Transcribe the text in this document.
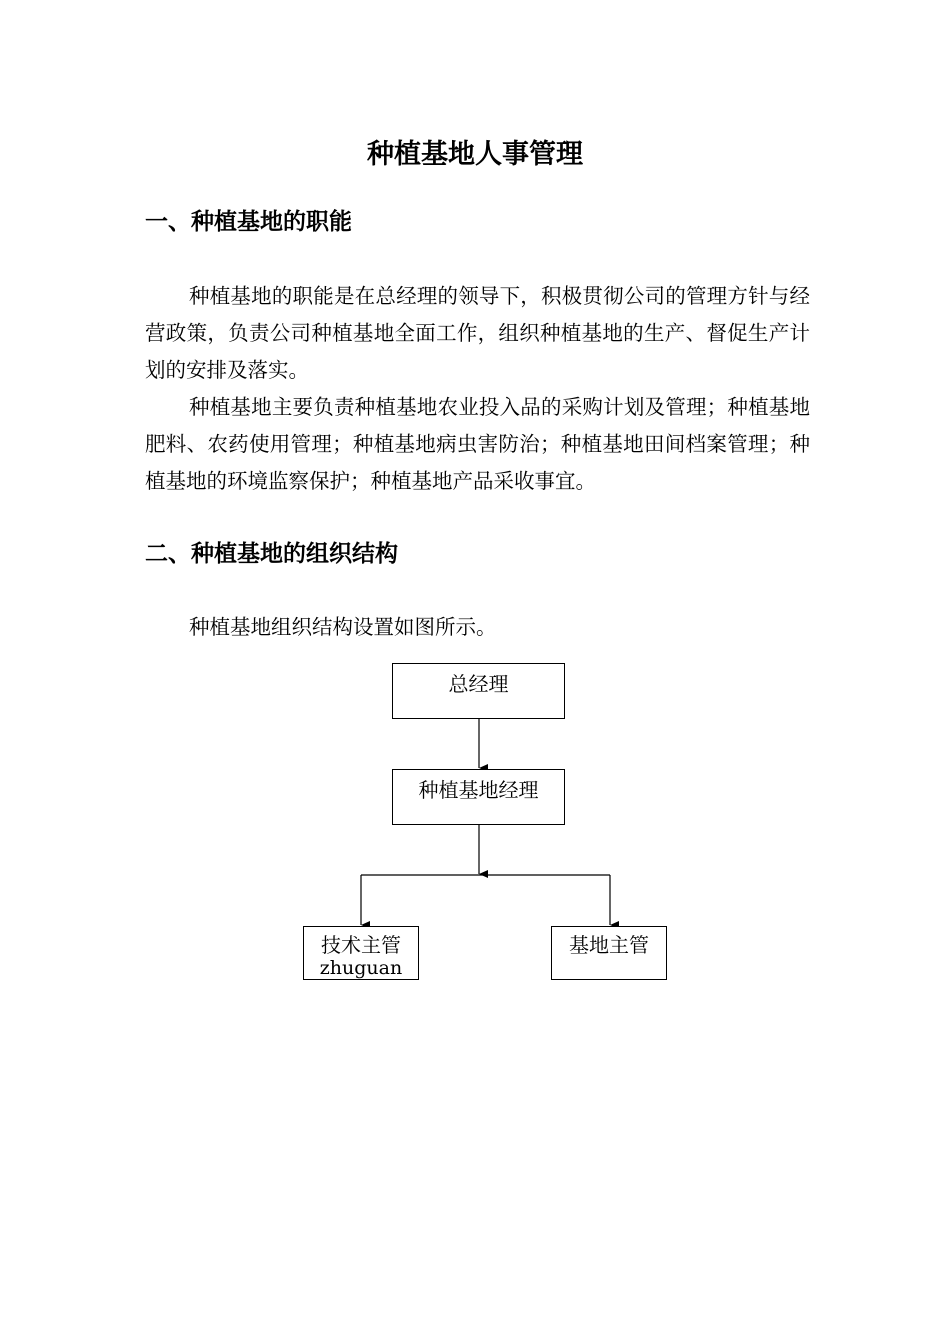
种植基地人事管理
一、种植基地的职能

种植基地的职能是在总经理的领导下，积极贯彻公司的管理方针与经营政策，负责公司种植基地全面工作，组织种植基地的生产、督促生产计划的安排及落实。

种植基地主要负责种植基地农业投入品的采购计划及管理；种植基地肥料、农药使用管理；种植基地病虫害防治；种植基地田间档案管理；种植基地的环境监察保护；种植基地产品采收事宜。

二、种植基地的组织结构

种植基地组织结构设置如图所示。

总经理
种植基地经理
技术主管
zhuguan
基地主管
